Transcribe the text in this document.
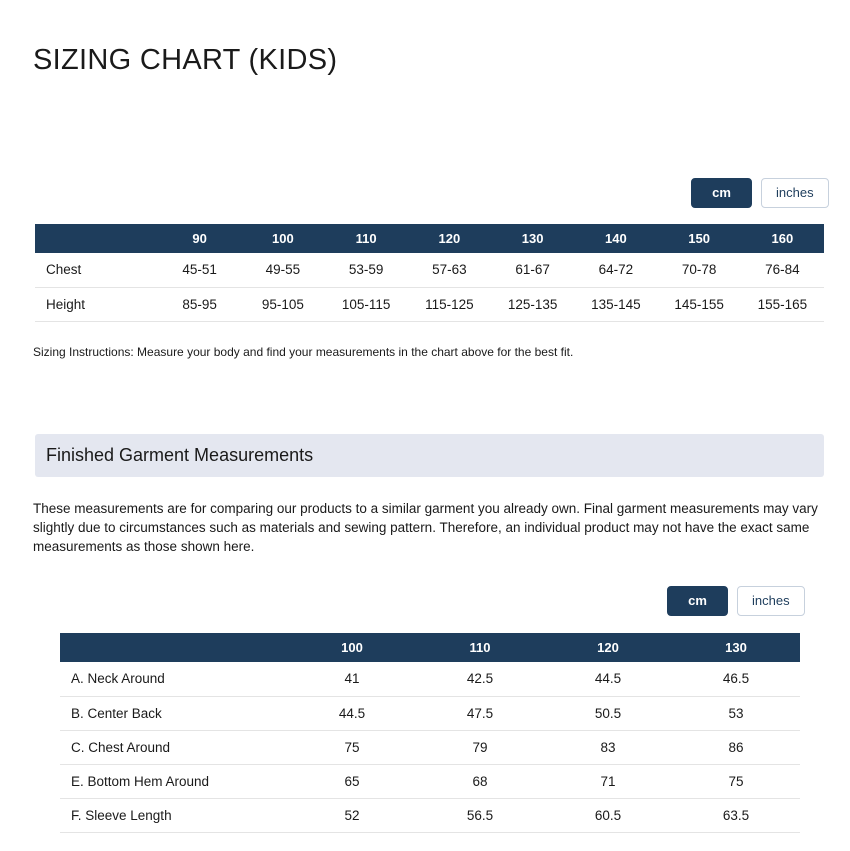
SIZING CHART (KIDS)
cm	inches
	90	100	110	120	130	140	150	160
Chest	45-51	49-55	53-59	57-63	61-67	64-72	70-78	76-84
Height	85-95	95-105	105-115	115-125	125-135	135-145	145-155	155-165
Sizing Instructions: Measure your body and find your measurements in the chart above for the best fit.
Finished Garment Measurements
These measurements are for comparing our products to a similar garment you already own. Final garment measurements may vary slightly due to circumstances such as materials and sewing pattern. Therefore, an individual product may not have the exact same measurements as those shown here.
cm	inches
	100	110	120	130
A. Neck Around	41	42.5	44.5	46.5
B. Center Back	44.5	47.5	50.5	53
C. Chest Around	75	79	83	86
E. Bottom Hem Around	65	68	71	75
F. Sleeve Length	52	56.5	60.5	63.5
